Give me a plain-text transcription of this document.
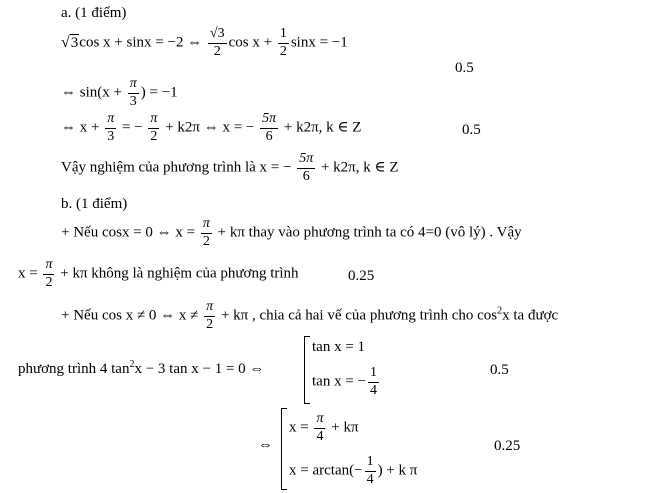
a. (1 điểm)
√3cos x + sinx = −2 ⇔ $\frac{√3}{2}$ $\cos x + \frac{1}{2}$ sinx = −1
0.5
⇔ $\sin(x + \frac{\pi}{3}$ ) = −1
⇔ $x + \frac{\pi}{3}$ = − $\frac{\pi}{2} + k2\pi$ ⇔ x = − $\frac{5\pi}{6} + k2\pi$, k ∈ Z	0.5
Vậy nghiệm của phương trình là x = − $\frac{5\pi}{6} + k2\pi$, k ∈ Z
b. (1 điểm)
+ Nếu cosx = 0 ⇔ $x = \frac{\pi}{2} + k\pi$ thay vào phương trình ta có 4=0 (vô lý) . Vậy
$x = \frac{\pi}{2} + k\pi$ không là nghiệm của phương trình	0.25
+ Nếu cos x ≠ 0 ⇔ $x \ne \frac{\pi}{2} + k\pi$ , chia cả hai vế của phương trình cho $\cos^2x$ ta được
phương trình 4 $\tan^2x - 3$ tan x − 1 = 0 ⇔
tan x = 1
tan x = − $\frac{1}{4}$	0.5
⇔
$x = \frac{\pi}{4} + k\pi$
$x = \arctan(- \frac{1}{4}$ ) + k π
0.25
